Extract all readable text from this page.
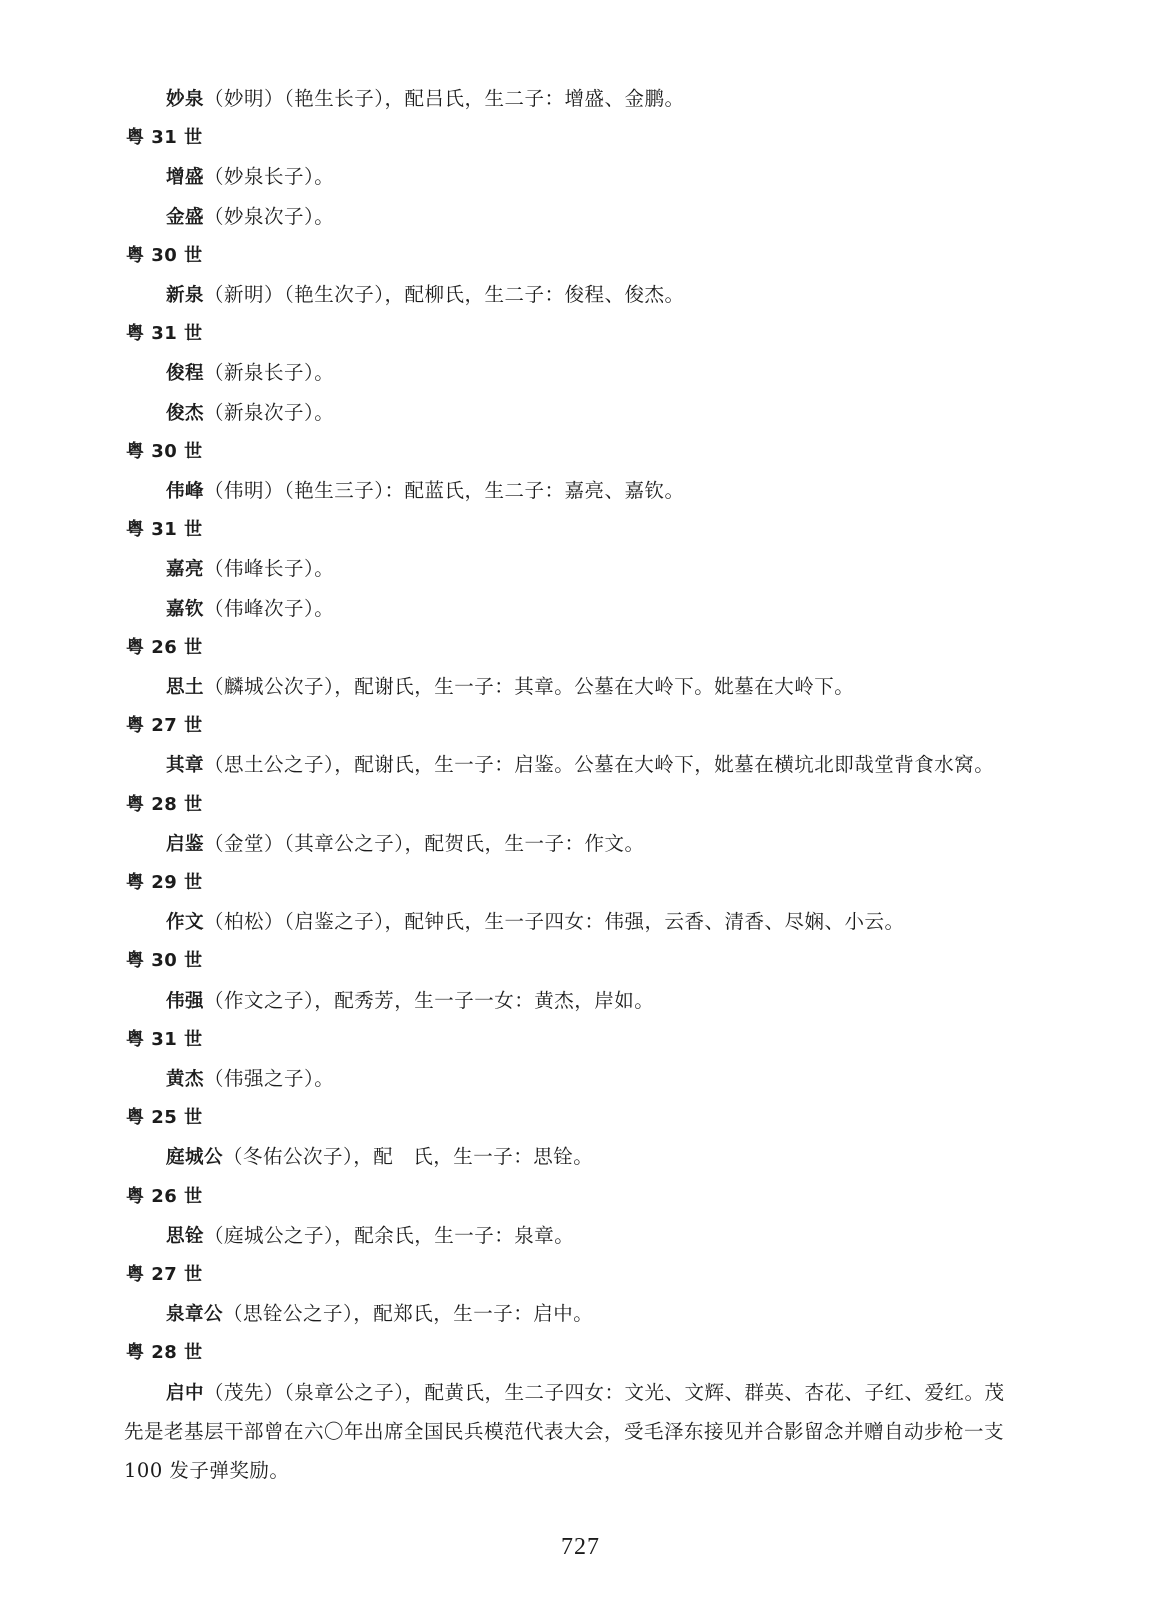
妙泉（妙明）（艳生长子），配吕氏，生二子：增盛、金鹏。
粤 31 世
增盛（妙泉长子）。
金盛（妙泉次子）。
粤 30 世
新泉（新明）（艳生次子），配柳氏，生二子：俊程、俊杰。
粤 31 世
俊程（新泉长子）。
俊杰（新泉次子）。
粤 30 世
伟峰（伟明）（艳生三子）：配蓝氏，生二子：嘉亮、嘉钦。
粤 31 世
嘉亮（伟峰长子）。
嘉钦（伟峰次子）。
粤 26 世
思土（麟城公次子），配谢氏，生一子：其章。公墓在大岭下。妣墓在大岭下。
粤 27 世
其章（思土公之子），配谢氏，生一子：启鉴。公墓在大岭下，妣墓在横坑北即哉堂背食水窝。
粤 28 世
启鉴（金堂）（其章公之子），配贺氏，生一子：作文。
粤 29 世
作文（柏松）（启鉴之子），配钟氏，生一子四女：伟强，云香、清香、尽娴、小云。
粤 30 世
伟强（作文之子），配秀芳，生一子一女：黄杰，岸如。
粤 31 世
黄杰（伟强之子）。
粤 25 世
庭城公（冬佑公次子），配　氏，生一子：思铨。
粤 26 世
思铨（庭城公之子），配余氏，生一子：泉章。
粤 27 世
泉章公（思铨公之子），配郑氏，生一子：启中。
粤 28 世
启中（茂先）（泉章公之子），配黄氏，生二子四女：文光、文辉、群英、杏花、子红、爱红。茂
先是老基层干部曾在六〇年出席全国民兵模范代表大会，受毛泽东接见并合影留念并赠自动步枪一支
100 发子弹奖励。
727
